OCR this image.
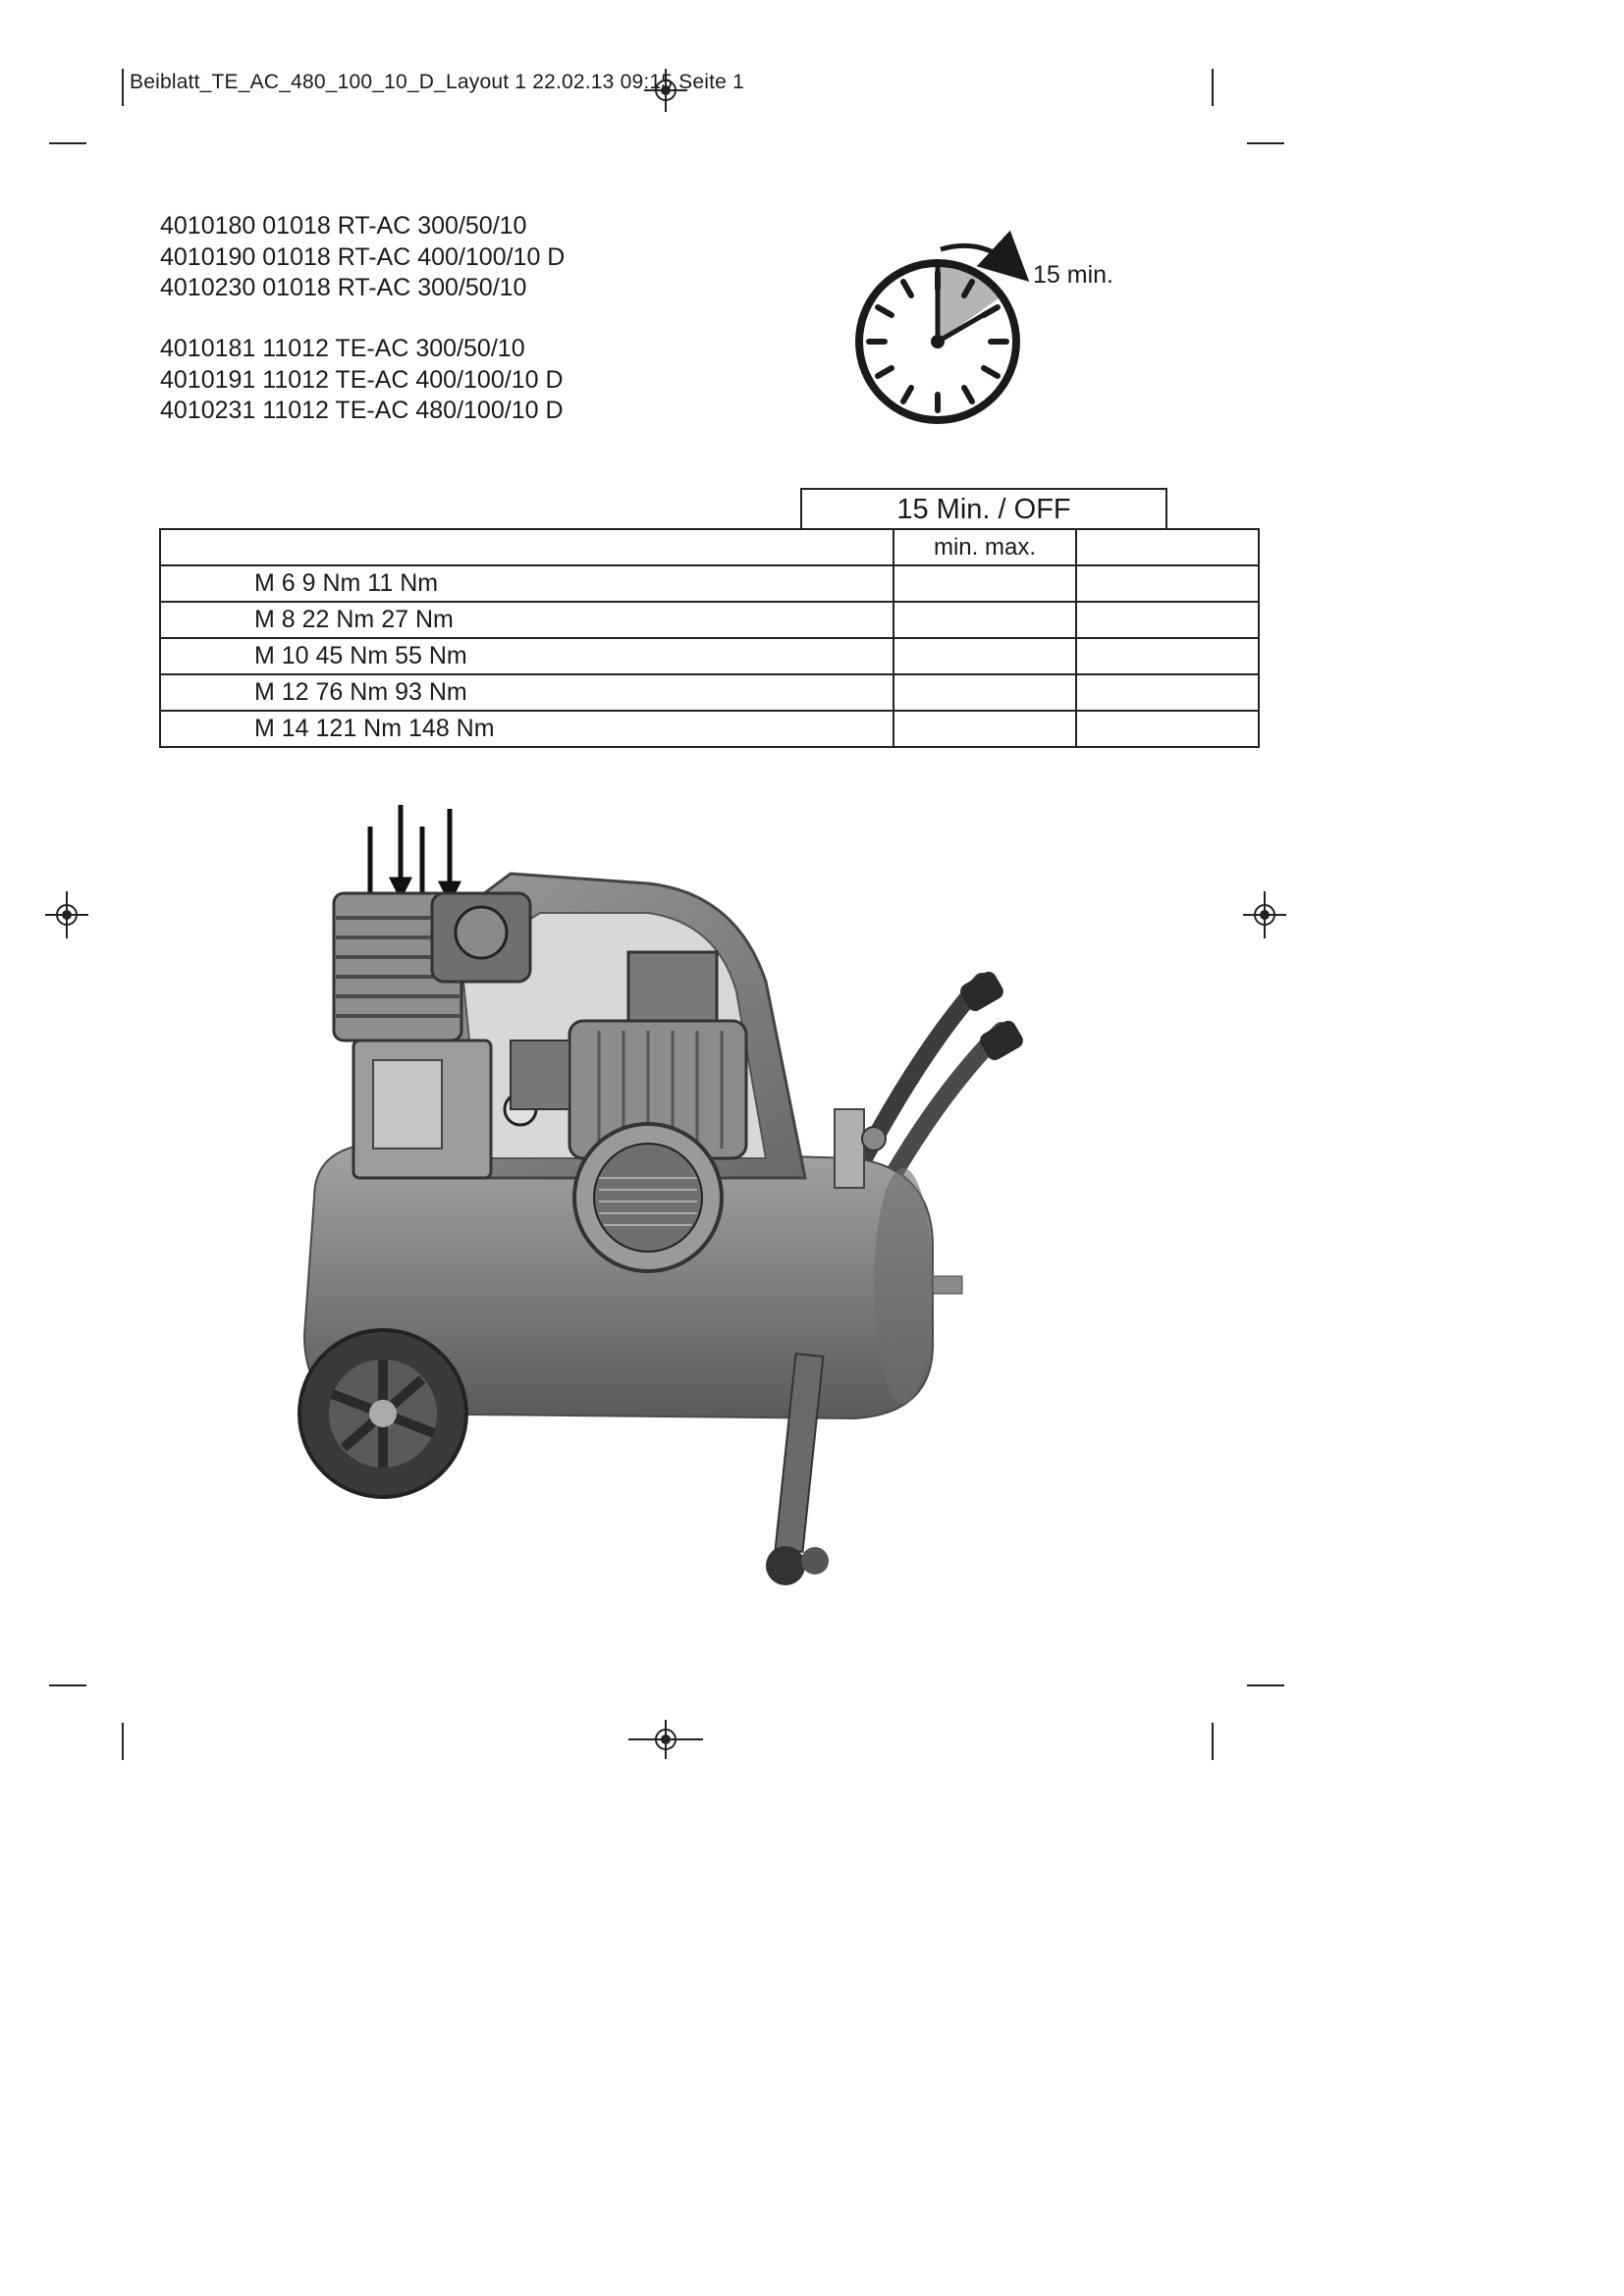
Beiblatt_TE_AC_480_100_10_D_Layout 1 22.02.13 09:15 Seite 1
4010180 01018 RT-AC 300/50/10
4010190 01018 RT-AC 400/100/10 D
4010230 01018 RT-AC 300/50/10
4010181 11012 TE-AC 300/50/10
4010191 11012 TE-AC 400/100/10 D
4010231 11012 TE-AC 480/100/10 D
15 min.
15 Min. / OFF
	min. max.	
M 6 9 Nm 11 Nm		
M 8 22 Nm 27 Nm		
M 10 45 Nm 55 Nm		
M 12 76 Nm 93 Nm		
M 14 121 Nm 148 Nm		
